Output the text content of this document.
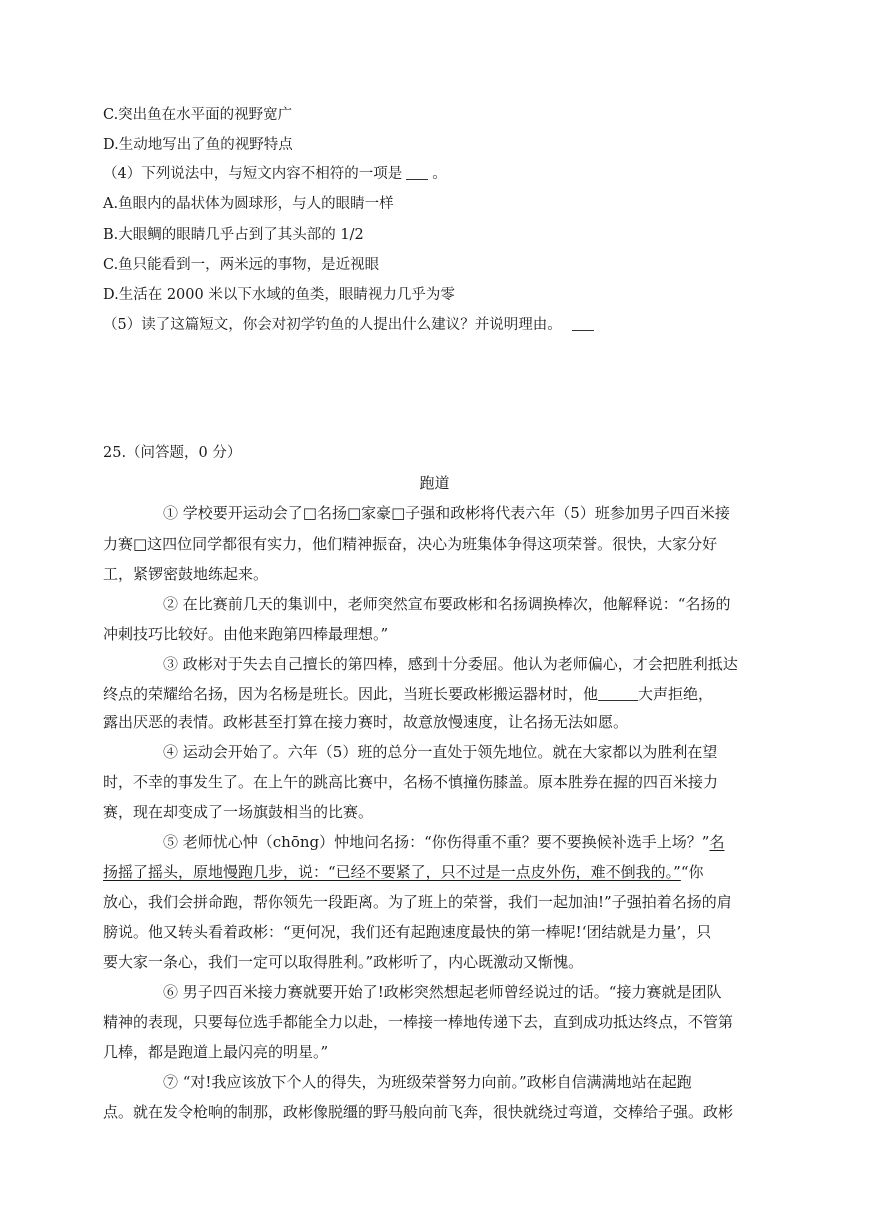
C.突出鱼在水平面的视野宽广
D.生动地写出了鱼的视野特点
（4）下列说法中，与短文内容不相符的一项是 。
A.鱼眼内的晶状体为圆球形，与人的眼睛一样
B.大眼鲷的眼睛几乎占到了其头部的 1/2
C.鱼只能看到一，两米远的事物，是近视眼
D.生活在 2000 米以下水域的鱼类，眼睛视力几乎为零
（5）读了这篇短文，你会对初学钓鱼的人提出什么建议？并说明理由。
25.（问答题，0 分）
跑道
① 学校要开运动会了□名扬□家豪□子强和政彬将代表六年（5）班参加男子四百米接
力赛□这四位同学都很有实力，他们精神振奋，决心为班集体争得这项荣誉。很快，大家分好
工，紧锣密鼓地练起来。
② 在比赛前几天的集训中，老师突然宣布要政彬和名扬调换棒次，他解释说：“名扬的
冲刺技巧比较好。由他来跑第四棒最理想。”
③ 政彬对于失去自己擅长的第四棒，感到十分委屈。他认为老师偏心，才会把胜利抵达
终点的荣耀给名扬，因为名杨是班长。因此，当班长要政彬搬运器材时，他	大声拒绝，
露出厌恶的表情。政彬甚至打算在接力赛时，故意放慢速度，让名扬无法如愿。
④ 运动会开始了。六年（5）班的总分一直处于领先地位。就在大家都以为胜利在望
时，不幸的事发生了。在上午的跳高比赛中，名杨不慎撞伤膝盖。原本胜券在握的四百米接力
赛，现在却变成了一场旗鼓相当的比赛。
⑤ 老师忧心忡（chōng）忡地问名扬：“你伤得重不重？要不要换候补选手上场？”名
扬摇了摇头，原地慢跑几步，说：“已经不要紧了，只不过是一点皮外伤，难不倒我的。”“你
放心，我们会拼命跑，帮你领先一段距离。为了班上的荣誉，我们一起加油!”子强拍着名扬的肩
膀说。他又转头看着政彬：“更何况，我们还有起跑速度最快的第一棒呢!‘团结就是力量’，只
要大家一条心，我们一定可以取得胜利。”政彬听了，内心既激动又惭愧。
⑥ 男子四百米接力赛就要开始了!政彬突然想起老师曾经说过的话。“接力赛就是团队
精神的表现，只要每位选手都能全力以赴，一棒接一棒地传递下去，直到成功抵达终点，不管第
几棒，都是跑道上最闪亮的明星。”
⑦ “对!我应该放下个人的得失，为班级荣誉努力向前。”政彬自信满满地站在起跑
点。就在发令枪响的制那，政彬像脱缰的野马般向前飞奔，很快就绕过弯道，交棒给子强。政彬
